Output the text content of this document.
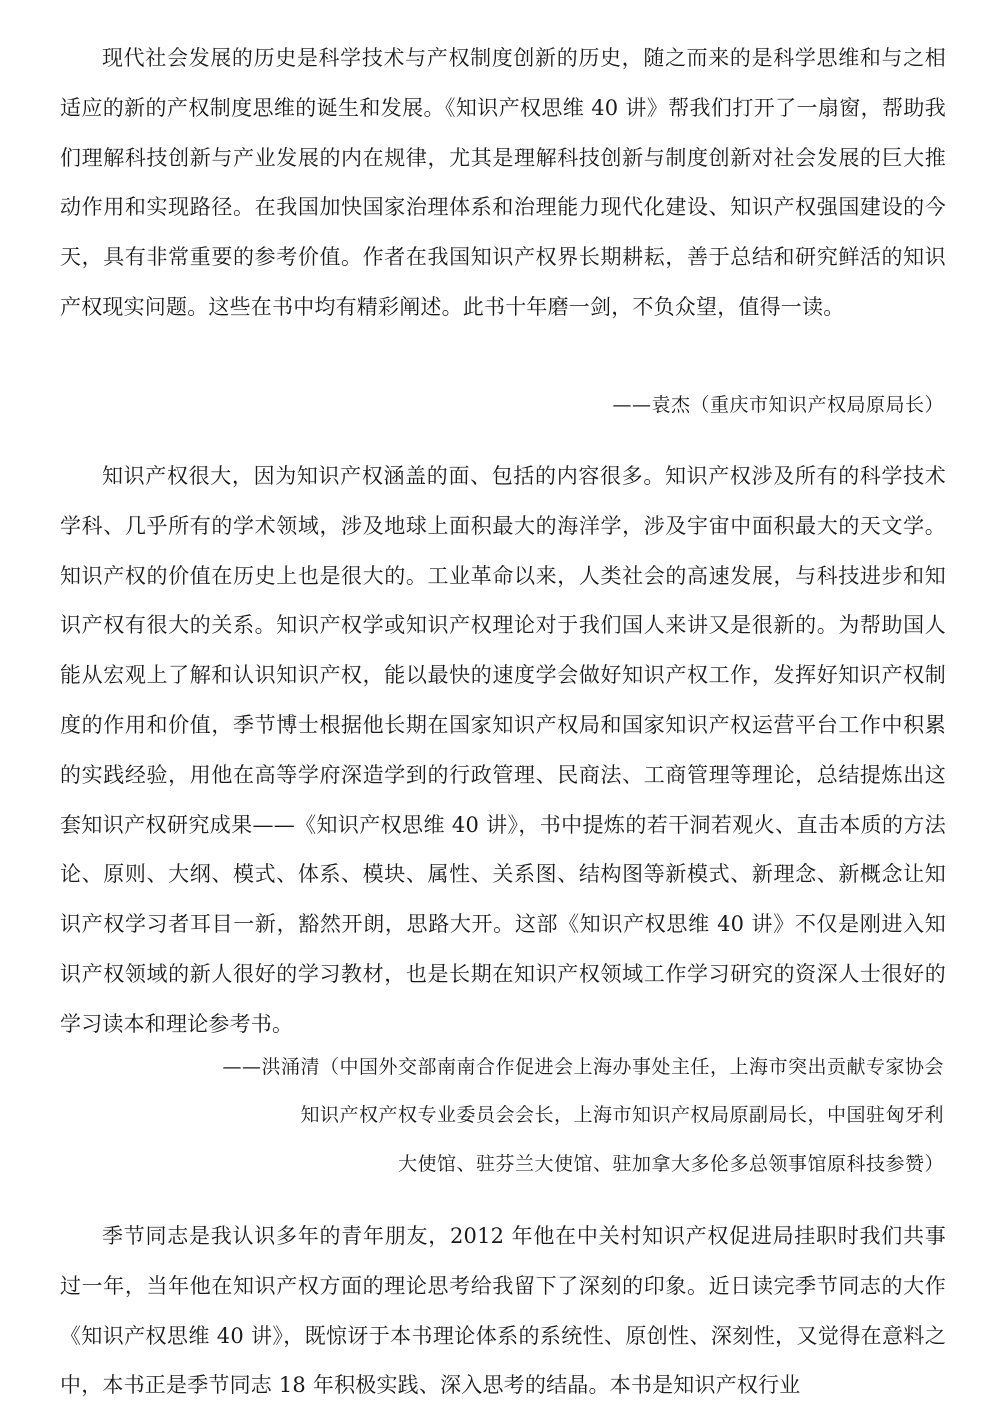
现代社会发展的历史是科学技术与产权制度创新的历史，随之而来的是科学思维和与之相适应的新的产权制度思维的诞生和发展。《知识产权思维 40 讲》帮我们打开了一扇窗，帮助我们理解科技创新与产业发展的内在规律，尤其是理解科技创新与制度创新对社会发展的巨大推动作用和实现路径。在我国加快国家治理体系和治理能力现代化建设、知识产权强国建设的今天，具有非常重要的参考价值。作者在我国知识产权界长期耕耘，善于总结和研究鲜活的知识产权现实问题。这些在书中均有精彩阐述。此书十年磨一剑，不负众望，值得一读。

——袁杰（重庆市知识产权局原局长）

知识产权很大，因为知识产权涵盖的面、包括的内容很多。知识产权涉及所有的科学技术学科、几乎所有的学术领域，涉及地球上面积最大的海洋学，涉及宇宙中面积最大的天文学。知识产权的价值在历史上也是很大的。工业革命以来，人类社会的高速发展，与科技进步和知识产权有很大的关系。知识产权学或知识产权理论对于我们国人来讲又是很新的。为帮助国人能从宏观上了解和认识知识产权，能以最快的速度学会做好知识产权工作，发挥好知识产权制度的作用和价值，季节博士根据他长期在国家知识产权局和国家知识产权运营平台工作中积累的实践经验，用他在高等学府深造学到的行政管理、民商法、工商管理等理论，总结提炼出这套知识产权研究成果——《知识产权思维 40 讲》，书中提炼的若干洞若观火、直击本质的方法论、原则、大纲、模式、体系、模块、属性、关系图、结构图等新模式、新理念、新概念让知识产权学习者耳目一新，豁然开朗，思路大开。这部《知识产权思维 40 讲》不仅是刚进入知识产权领域的新人很好的学习教材，也是长期在知识产权领域工作学习研究的资深人士很好的学习读本和理论参考书。

——洪涌清（中国外交部南南合作促进会上海办事处主任，上海市突出贡献专家协会

知识产权产权专业委员会会长，上海市知识产权局原副局长，中国驻匈牙利

大使馆、驻芬兰大使馆、驻加拿大多伦多总领事馆原科技参赞）

季节同志是我认识多年的青年朋友，2012 年他在中关村知识产权促进局挂职时我们共事过一年，当年他在知识产权方面的理论思考给我留下了深刻的印象。近日读完季节同志的大作《知识产权思维 40 讲》，既惊讶于本书理论体系的系统性、原创性、深刻性，又觉得在意料之中，本书正是季节同志 18 年积极实践、深入思考的结晶。本书是知识产权行业
